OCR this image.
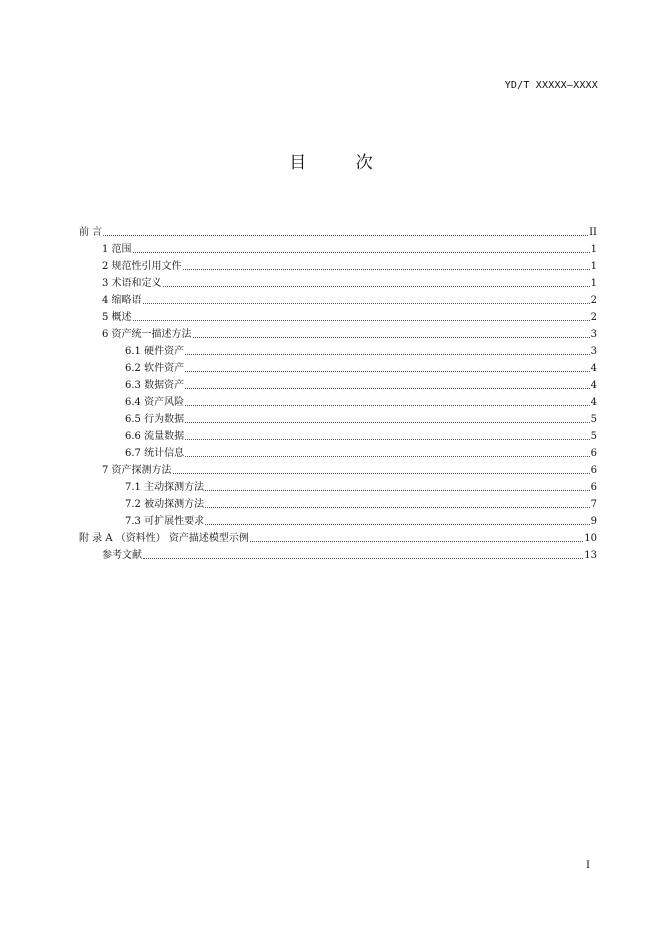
YD/T XXXXX—XXXX
目 次
前 言	II
1 范围	1
2 规范性引用文件	1
3 术语和定义	1
4 缩略语	2
5 概述	2
6 资产统一描述方法	3
6.1 硬件资产	3
6.2 软件资产	4
6.3 数据资产	4
6.4 资产风险	4
6.5 行为数据	5
6.6 流量数据	5
6.7 统计信息	6
7 资产探测方法	6
7.1 主动探测方法	6
7.2 被动探测方法	7
7.3 可扩展性要求	9
附 录 A （资料性） 资产描述模型示例	10
参考文献	13
I
